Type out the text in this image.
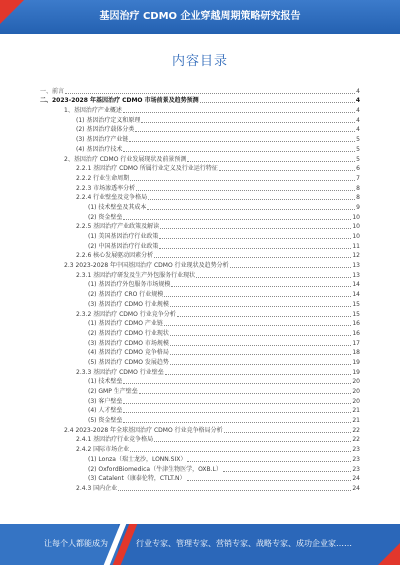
基因治疗 CDMO 企业穿越周期策略研究报告
内容目录
一、前言	4
二、2023-2028 年基因治疗 CDMO 市场前景及趋势预测	4
1、基因治疗产业概述	4
(1) 基因治疗定义和原理	4
(2) 基因治疗载体分类	4
(3) 基因治疗产业链	5
(4) 基因治疗技术	5
2、基因治疗 CDMO 行业发展现状及前景预测	5
2.2.1 基因治疗 CDMO 所属行业定义及行业运行特征	6
2.2.2 行业生命周期	7
2.2.3 市场渗透率分析	8
2.2.4 行业壁垒及竞争格局	8
(1) 技术壁垒及其成本	9
(2) 资金壁垒	10
2.2.5 基因治疗产业政策及解读	10
(1) 美国基因治疗行业政策	10
(2) 中国基因治疗行业政策	11
2.2.6 核心发展驱动因素分析	12
2.3 2023-2028 年中国基因治疗 CDMO 行业现状及趋势分析	13
2.3.1 基因治疗研发及生产外包服务行业现状	13
(1) 基因治疗外包服务市场规模	14
(2) 基因治疗 CRO 行业规模	14
(3) 基因治疗 CDMO 行业规模	15
2.3.2 基因治疗 CDMO 行业竞争分析	15
(1) 基因治疗 CDMO 产业链	16
(2) 基因治疗 CDMO 行业现状	16
(3) 基因治疗 CDMO 市场规模	17
(4) 基因治疗 CDMO 竞争格局	18
(5) 基因治疗 CDMO 发展趋势	19
2.3.3 基因治疗 CDMO 行业壁垒	19
(1) 技术壁垒	20
(2) GMP 生产壁垒	20
(3) 客户壁垒	20
(4) 人才壁垒	21
(5) 资金壁垒	21
2.4 2023-2028 年全球基因治疗 CDMO 行业竞争格局分析	22
2.4.1 基因治疗行业竞争格局	22
2.4.2 国际市场企业	23
(1) Lonza（瑞士龙沙，LONN.SIX）	23
(2) OxfordBiomedica（牛津生物医学，OXB.L）	23
(3) Catalent（康泰伦特，CTLT.N）	24
2.4.3 国内企业	24
让每个人都能成为	行业专家、管理专家、营销专家、战略专家、成功企业家……
